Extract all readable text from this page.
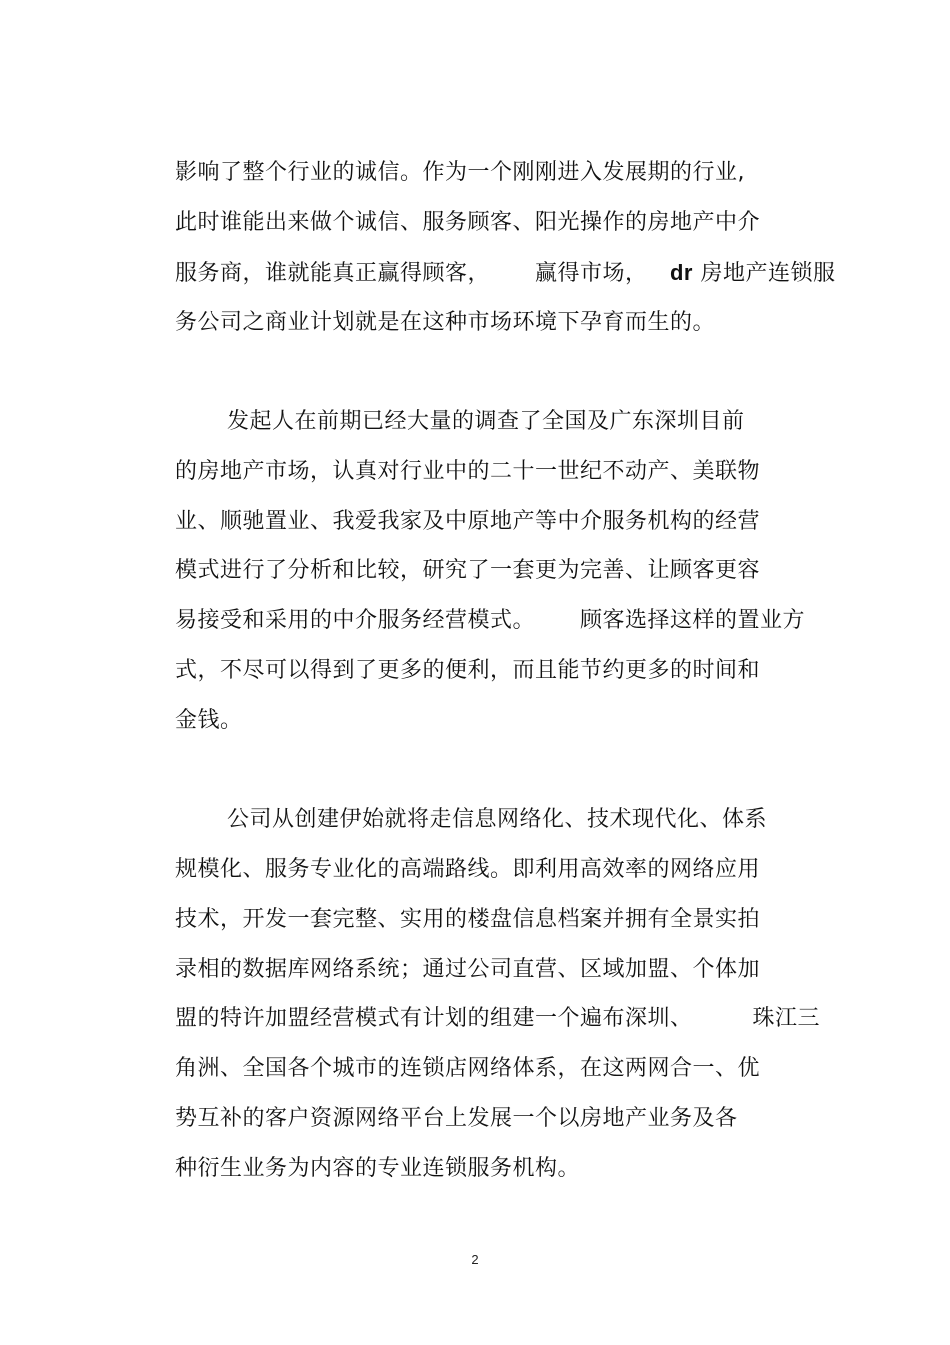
影响了整个行业的诚信。作为一个刚刚进入发展期的行业,

此时谁能出来做个诚信、服务顾客、阳光操作的房地产中介

服务商，谁就能真正赢得顾客， 赢得市场， dr 房地产连锁服

务公司之商业计划就是在这种市场环境下孕育而生的。

发起人在前期已经大量的调查了全国及广东深圳目前

的房地产市场，认真对行业中的二十一世纪不动产、美联物

业、顺驰置业、我爱我家及中原地产等中介服务机构的经营

模式进行了分析和比较，研究了一套更为完善、让顾客更容

易接受和采用的中介服务经营模式。 顾客选择这样的置业方

式，不尽可以得到了更多的便利，而且能节约更多的时间和

金钱。

公司从创建伊始就将走信息网络化、技术现代化、体系

规模化、服务专业化的高端路线。即利用高效率的网络应用

技术，开发一套完整、实用的楼盘信息档案并拥有全景实拍

录相的数据库网络系统；通过公司直营、区域加盟、个体加

盟的特许加盟经营模式有计划的组建一个遍布深圳、	珠江三

角洲、全国各个城市的连锁店网络体系，在这两网合一、优

势互补的客户资源网络平台上发展一个以房地产业务及各

种衍生业务为内容的专业连锁服务机构。

2
